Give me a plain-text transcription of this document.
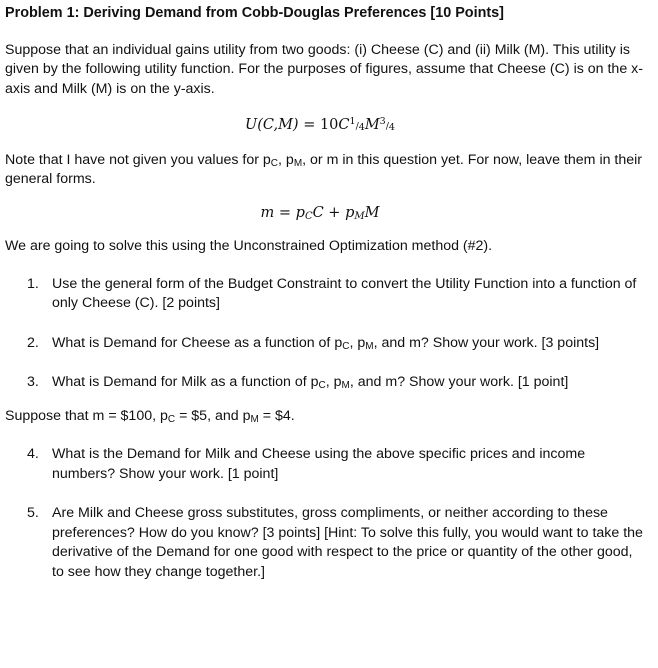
Problem 1: Deriving Demand from Cobb-Douglas Preferences [10 Points]

Suppose that an individual gains utility from two goods: (i) Cheese (C) and (ii) Milk (M). This utility is given by the following utility function. For the purposes of figures, assume that Cheese (C) is on the x-axis and Milk (M) is on the y-axis.

U(C,M) = 10C1/4M3/4

Note that I have not given you values for $p_C$, $p_M$, or m in this question yet. For now, leave them in their general forms.

$m = p_CC + p_MM$

We are going to solve this using the Unconstrained Optimization method (#2).

1. Use the general form of the Budget Constraint to convert the Utility Function into a function of only Cheese (C). [2 points]
2. What is Demand for Cheese as a function of $p_C$, $p_M$, and m? Show your work. [3 points]
3. What is Demand for Milk as a function of $p_C$, $p_M$, and m? Show your work. [1 point]

Suppose that m = $100, $p_C$ = $5, and $p_M$ = $4.

4. What is the Demand for Milk and Cheese using the above specific prices and income numbers? Show your work. [1 point]
5. Are Milk and Cheese gross substitutes, gross compliments, or neither according to these preferences? How do you know? [3 points] [Hint: To solve this fully, you would want to take the derivative of the Demand for one good with respect to the price or quantity of the other good, to see how they change together.]
